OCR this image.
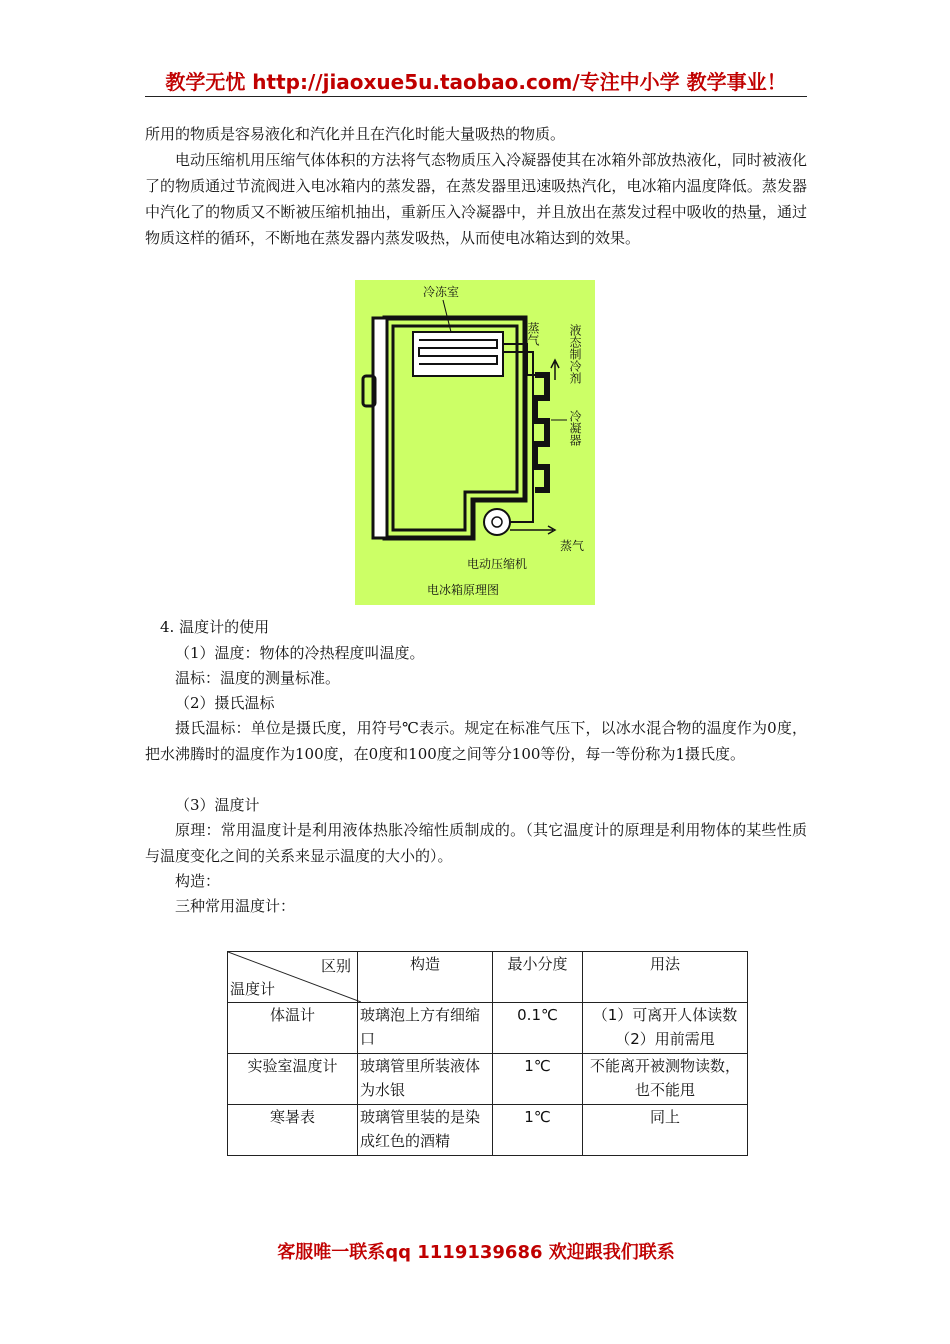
教学无忧 http://jiaoxue5u.taobao.com/专注中小学 教学事业！
所用的物质是容易液化和汽化并且在汽化时能大量吸热的物质。
电动压缩机用压缩气体体积的方法将气态物质压入冷凝器使其在冰箱外部放热液化，同时被液化了的物质通过节流阀进入电冰箱内的蒸发器，在蒸发器里迅速吸热汽化，电冰箱内温度降低。蒸发器中汽化了的物质又不断被压缩机抽出，重新压入冷凝器中，并且放出在蒸发过程中吸收的热量，通过物质这样的循环，不断地在蒸发器内蒸发吸热，从而使电冰箱达到的效果。
冷冻室
蒸气 液态制冷剂
冷凝器
蒸气
电动压缩机
电冰箱原理图
4. 温度计的使用
（1）温度：物体的冷热程度叫温度。
温标：温度的测量标准。
（2）摄氏温标
摄氏温标：单位是摄氏度，用符号℃表示。规定在标准气压下，以冰水混合物的温度作为0度，把水沸腾时的温度作为100度，在0度和100度之间等分100等份，每一等份称为1摄氏度。
（3）温度计
原理：常用温度计是利用液体热胀冷缩性质制成的。（其它温度计的原理是利用物体的某些性质与温度变化之间的关系来显示温度的大小的）。
构造：
三种常用温度计：
区别
温度计	构造	最小分度	用法
体温计	玻璃泡上方有细缩口	0.1℃	（1）可离开人体读数
（2）用前需甩

实验室温度计	玻璃管里所装液体为水银	1℃	不能离开被测物读数，
也不能甩

寒暑表	玻璃管里装的是染成红色的酒精	1℃	同上
客服唯一联系qq 1119139686 欢迎跟我们联系
